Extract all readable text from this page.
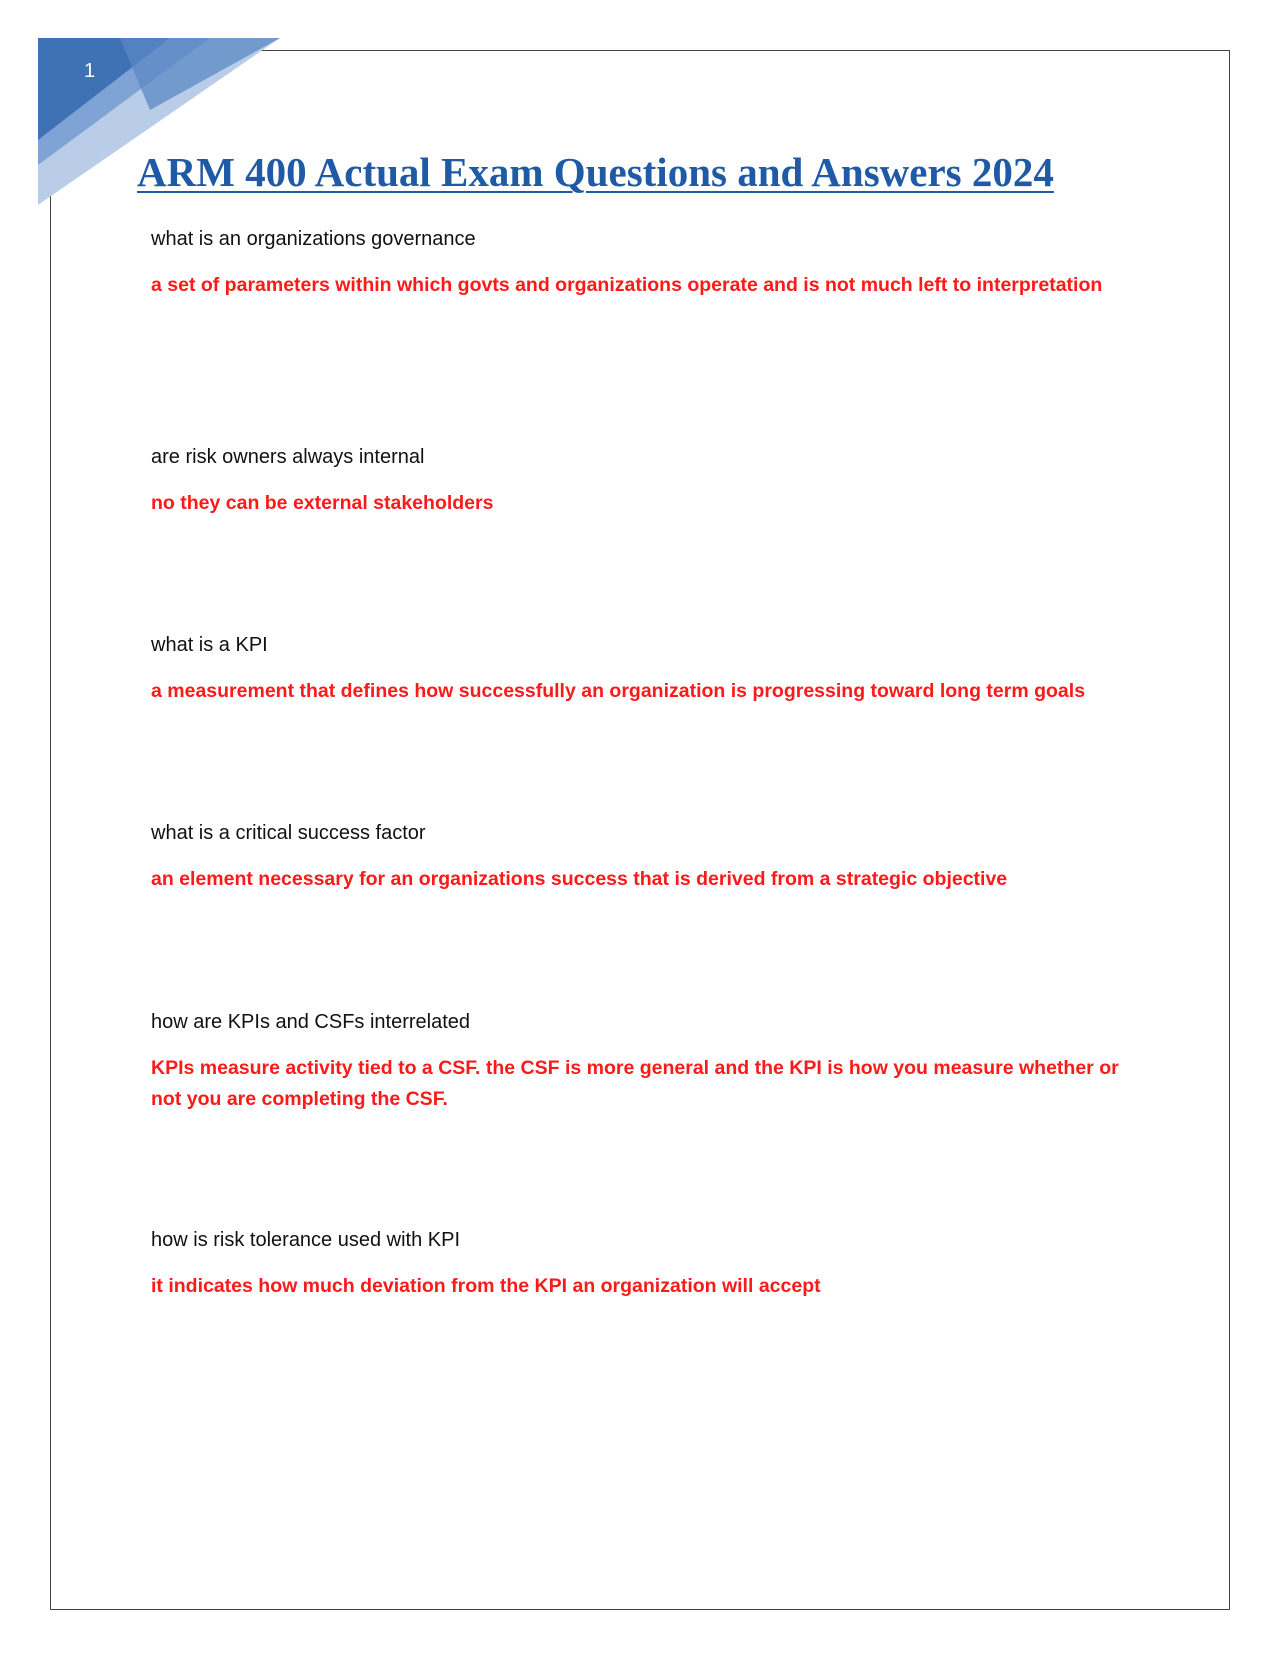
1
ARM 400 Actual Exam Questions and Answers 2024

what is an organizations governance

a set of parameters within which govts and organizations operate and is not much left to interpretation

are risk owners always internal

no they can be external stakeholders

what is a KPI

a measurement that defines how successfully an organization is progressing toward long term goals

what is a critical success factor

an element necessary for an organizations success that is derived from a strategic objective

how are KPIs and CSFs interrelated

KPIs measure activity tied to a CSF. the CSF is more general and the KPI is how you measure whether or not you are completing the CSF.

how is risk tolerance used with KPI

it indicates how much deviation from the KPI an organization will accept
